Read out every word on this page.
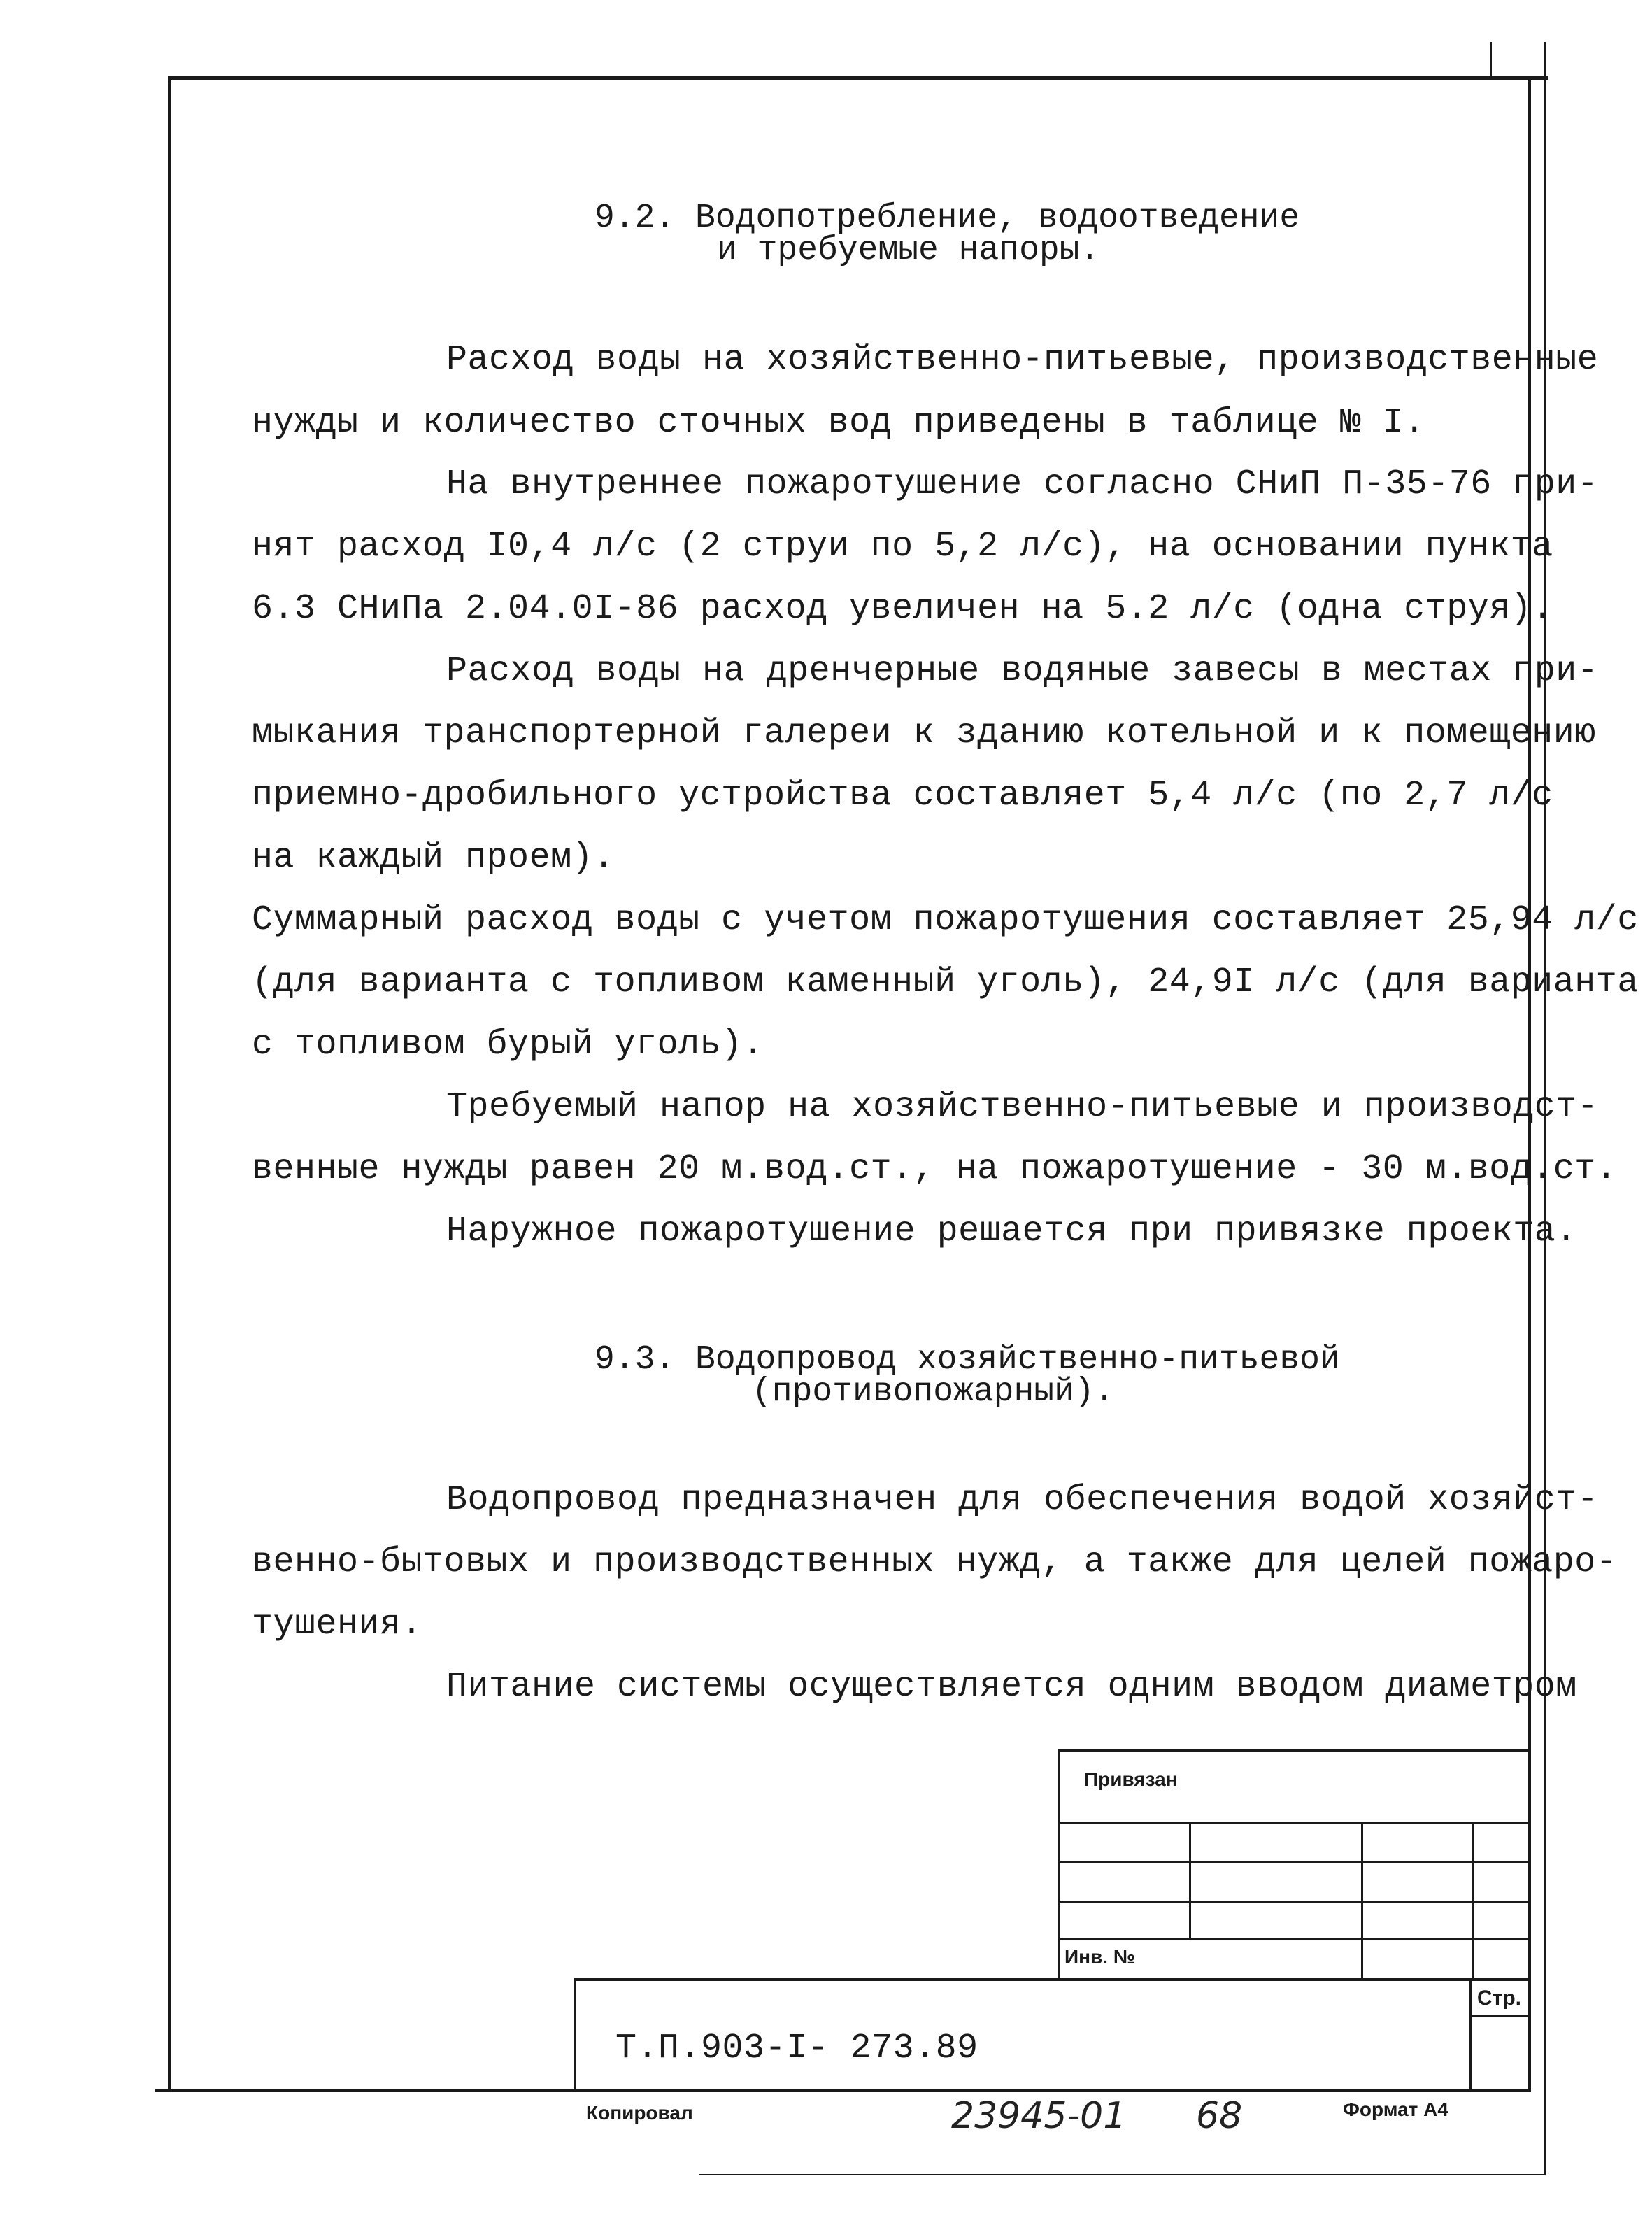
9.2. Водопотребление, водоотведение
и требуемые напоры.
Расход воды на хозяйственно-питьевые, производственные
нужды и количество сточных вод приведены в таблице № I.
На внутреннее пожаротушение согласно СНиП П-35-76 при-
нят расход I0,4 л/с (2 струи по 5,2 л/с), на основании пункта
6.3 СНиПа 2.04.0I-86 расход увеличен на 5.2 л/с (одна струя).
Расход воды на дренчерные водяные завесы в местах при-
мыкания транспортерной галереи к зданию котельной и к помещению
приемно-дробильного устройства составляет 5,4 л/с (по 2,7 л/с
на каждый проем).
Суммарный расход воды с учетом пожаротушения составляет 25,94 л/с
(для варианта с топливом каменный уголь), 24,9I л/с (для варианта
с топливом бурый уголь).
Требуемый напор на хозяйственно-питьевые и производст-
венные нужды равен 20 м.вод.ст., на пожаротушение - 30 м.вод.ст.
Наружное пожаротушение решается при привязке проекта.
9.3. Водопровод хозяйственно-питьевой
(противопожарный).
Водопровод предназначен для обеспечения водой хозяйст-
венно-бытовых и производственных нужд, а также для целей пожаро-
тушения.
Питание системы осуществляется одним вводом диаметром
Привязан
Инв. №
Стр.
Т.П.903-I- 273.89
Копировал	23945-01 68	Формат А4
